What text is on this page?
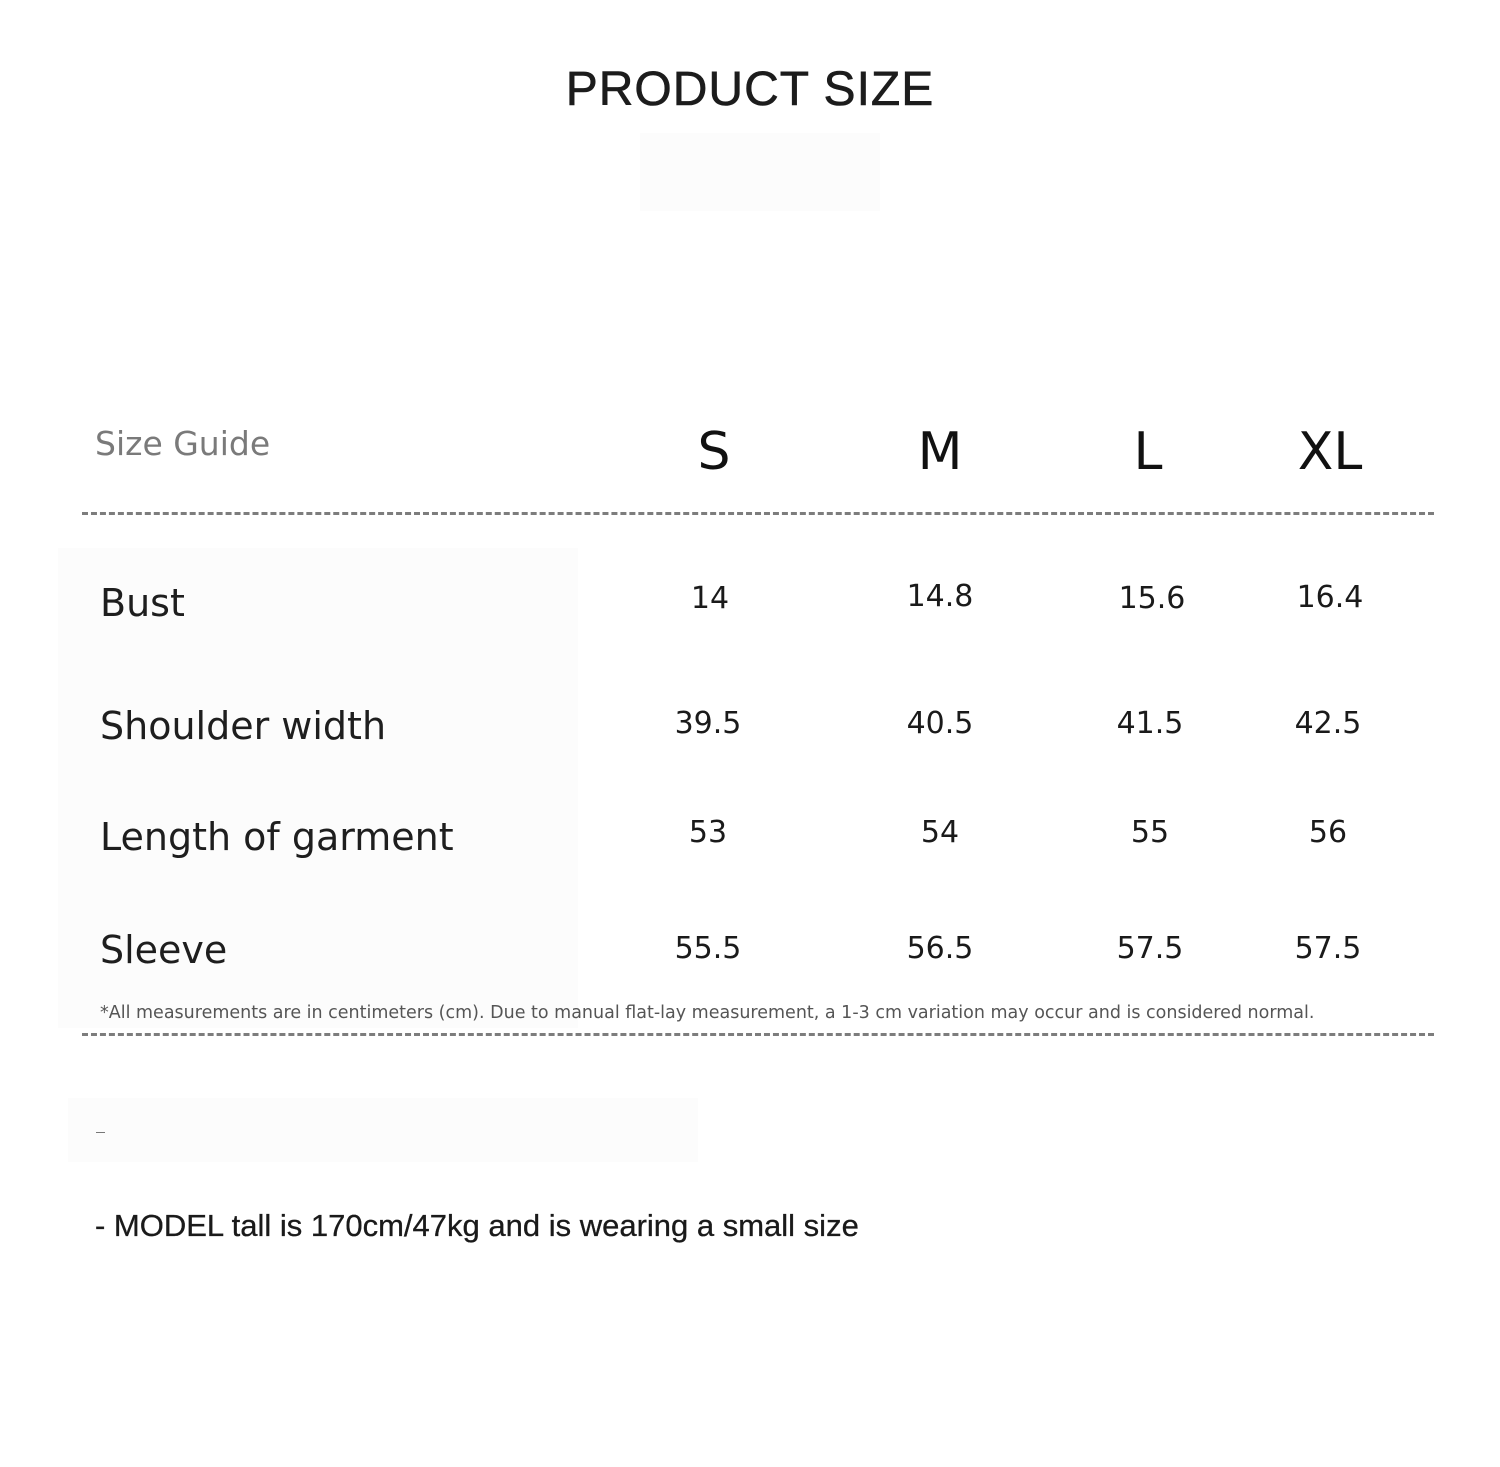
PRODUCT SIZE
Size Guide	S	M	L	XL
Bust	14	14.8	15.6	16.4
Shoulder width	39.5	40.5	41.5	42.5
Length of garment	53	54	55	56
Sleeve	55.5	56.5	57.5	57.5
*All measurements are in centimeters (cm). Due to manual flat-lay measurement, a 1-3 cm variation may occur and is considered normal.
- MODEL tall is 170cm/47kg and is wearing a small size
